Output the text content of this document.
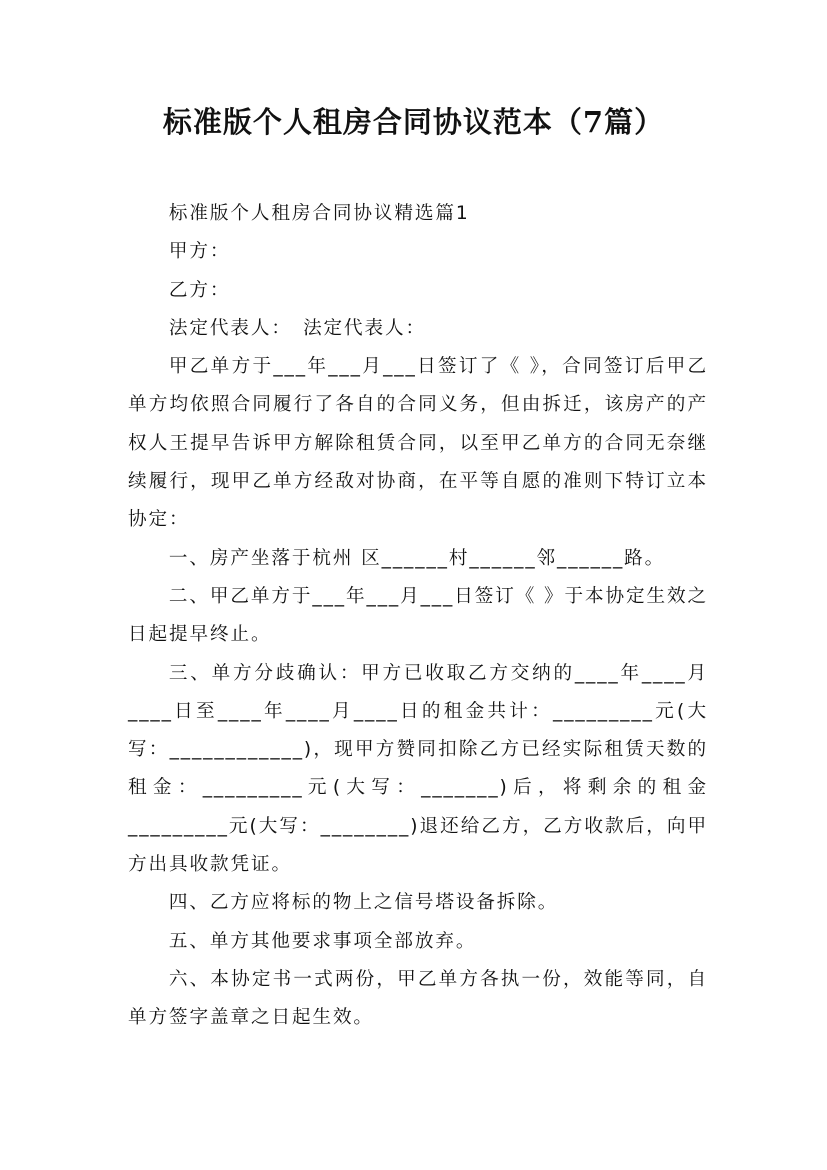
标准版个人租房合同协议范本（7篇）

标准版个人租房合同协议精选篇1

甲方：

乙方：

法定代表人：　法定代表人：

甲乙单方于___年___月___日签订了《 》，合同签订后甲乙单方均依照合同履行了各自的合同义务，但由拆迁，该房产的产权人王提早告诉甲方解除租赁合同，以至甲乙单方的合同无奈继续履行，现甲乙单方经敌对协商，在平等自愿的准则下特订立本协定：

一、房产坐落于杭州 区______村______邻______路。

二、甲乙单方于___年___月___日签订《 》于本协定生效之日起提早终止。

三、单方分歧确认：甲方已收取乙方交纳的____年____月____日至____年____月____日的租金共计：_________元(大写：____________)，现甲方赞同扣除乙方已经实际租赁天数的租金：_________元(大写：_______)后，将剩余的租金_________元(大写：________)退还给乙方，乙方收款后，向甲方出具收款凭证。

四、乙方应将标的物上之信号塔设备拆除。

五、单方其他要求事项全部放弃。

六、本协定书一式两份，甲乙单方各执一份，效能等同，自单方签字盖章之日起生效。
